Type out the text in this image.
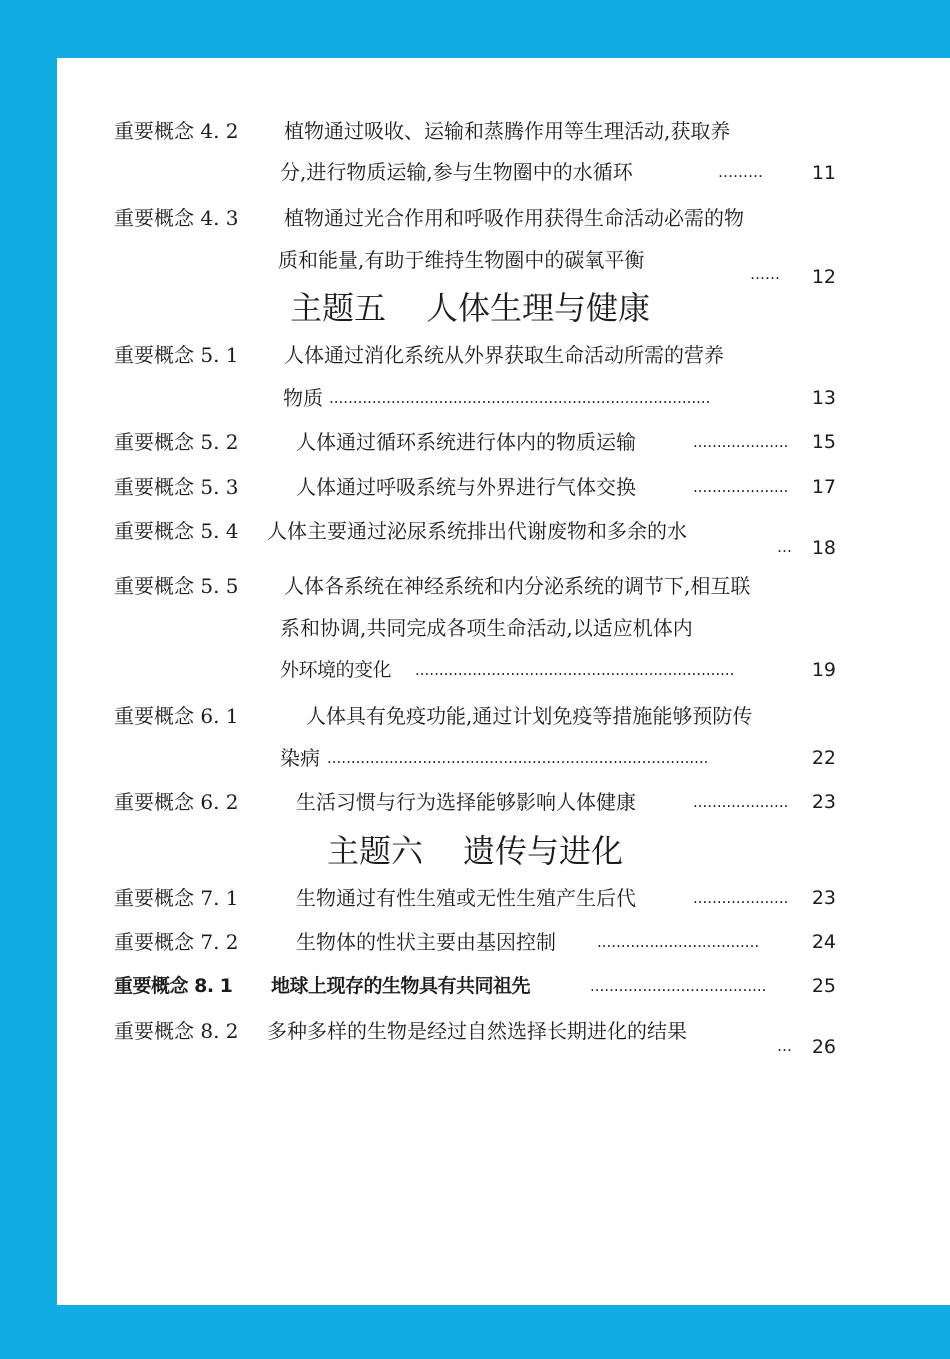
重要概念 4. 2 植物通过吸收、运输和蒸腾作用等生理活动,获取养
分,进行物质运输,参与生物圈中的水循环	………	11
重要概念 4. 3 植物通过光合作用和呼吸作用获得生命活动必需的物
质和能量,有助于维持生物圈中的碳氧平衡
…… 12
主题五 人体生理与健康
重要概念 5. 1 人体通过消化系统从外界获取生命活动所需的营养
物质 ................................................................................	13
重要概念 5. 2	人体通过循环系统进行体内的物质运输	....................	15
重要概念 5. 3	人体通过呼吸系统与外界进行气体交换	....................	17
重要概念 5. 4 人体主要通过泌尿系统排出代谢废物和多余的水
… 18
重要概念 5. 5 人体各系统在神经系统和内分泌系统的调节下,相互联
系和协调,共同完成各项生命活动,以适应机体内
外环境的变化 ...................................................................	19
重要概念 6. 1	人体具有免疫功能,通过计划免疫等措施能够预防传
染病 ................................................................................	22
重要概念 6. 2	生活习惯与行为选择能够影响人体健康	....................	23
主题六 遗传与进化
重要概念 7. 1	生物通过有性生殖或无性生殖产生后代	....................	23
重要概念 7. 2	生物体的性状主要由基因控制	..................................	24
重要概念 8. 1 地球上现存的生物具有共同祖先	.....................................	25
重要概念 8. 2 多种多样的生物是经过自然选择长期进化的结果
… 26
